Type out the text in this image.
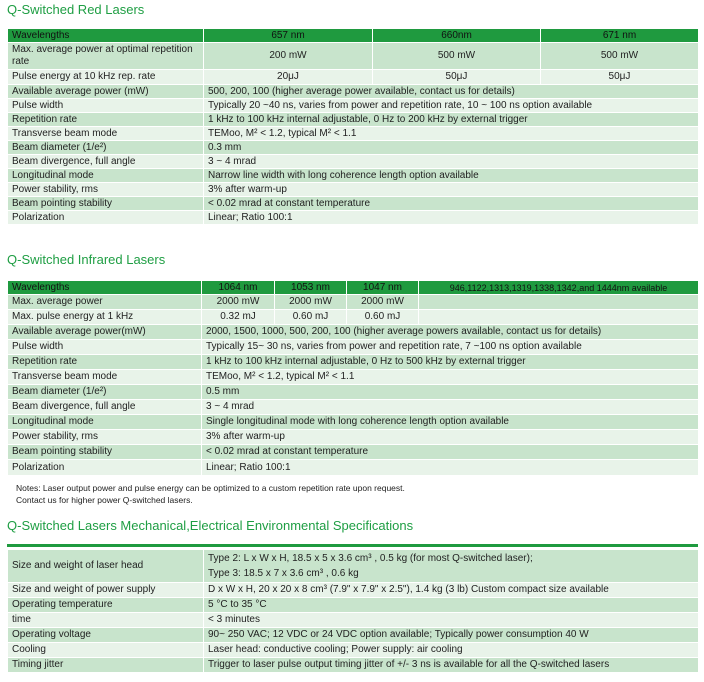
Q-Switched Red Lasers
Wavelengths	657 nm	660nm	671 nm
Max. average power at optimal repetition rate	200 mW	500 mW	500 mW
Pulse energy at 10 kHz rep. rate	20μJ	50μJ	50μJ
Available average power (mW)	500, 200, 100 (higher average power available, contact us for details)		
Pulse width	Typically 20 ~40 ns, varies from power and repetition rate, 10 ~ 100 ns option available		
Repetition rate	1 kHz to 100 kHz internal adjustable, 0 Hz to 200 kHz by external trigger		
Transverse beam mode	TEMoo, M² < 1.2, typical M² < 1.1		
Beam diameter (1/e²)	0.3 mm		
Beam divergence, full angle	3 ~ 4 mrad		
Longitudinal mode	Narrow line width with long coherence length option available		
Power stability, rms	3% after warm-up		
Beam pointing stability	< 0.02 mrad at constant temperature		
Polarization	Linear; Ratio 100:1		
Q-Switched Infrared Lasers
Wavelengths	1064 nm	1053 nm	1047 nm	946,1122,1313,1319,1338,1342,and 1444nm available
Max. average power	2000 mW	2000 mW	2000 mW	
Max. pulse energy at 1 kHz	0.32 mJ	0.60 mJ	0.60 mJ	
Available average power(mW)	2000, 1500, 1000, 500, 200, 100 (higher average powers available, contact us for details)			
Pulse width	Typically 15~ 30 ns, varies from power and repetition rate, 7 ~100 ns option available			
Repetition rate	1 kHz to 100 kHz internal adjustable, 0 Hz to 500 kHz by external trigger			
Transverse beam mode	TEMoo, M² < 1.2, typical M² < 1.1			
Beam diameter (1/e²)	0.5 mm			
Beam divergence, full angle	3 ~ 4 mrad			
Longitudinal mode	Single longitudinal mode with long coherence length option available			
Power stability, rms	3% after warm-up			
Beam pointing stability	< 0.02 mrad at constant temperature			
Polarization	Linear; Ratio 100:1			
Notes: Laser output power and pulse energy can be optimized to a custom repetition rate upon request.
Contact us for higher power Q-switched lasers.
Q-Switched Lasers Mechanical,Electrical Environmental Specifications
Size and weight of laser head	Type 2: L x W x H, 18.5 x 5 x 3.6 cm³ , 0.5 kg (for most Q-switched laser);
Type 3: 18.5 x 7 x 3.6 cm³ , 0.6 kg

Size and weight of power supply	D x W x H, 20 x 20 x 8 cm³ (7.9" x 7.9" x 2.5"), 1.4 kg (3 lb) Custom compact size available
Operating temperature	5 °C to 35 °C
time	< 3 minutes
Operating voltage	90~ 250 VAC; 12 VDC or 24 VDC option available; Typically power consumption 40 W
Cooling	Laser head: conductive cooling; Power supply: air cooling
Timing jitter	Trigger to laser pulse output timing jitter of +/- 3 ns is available for all the Q-switched lasers
